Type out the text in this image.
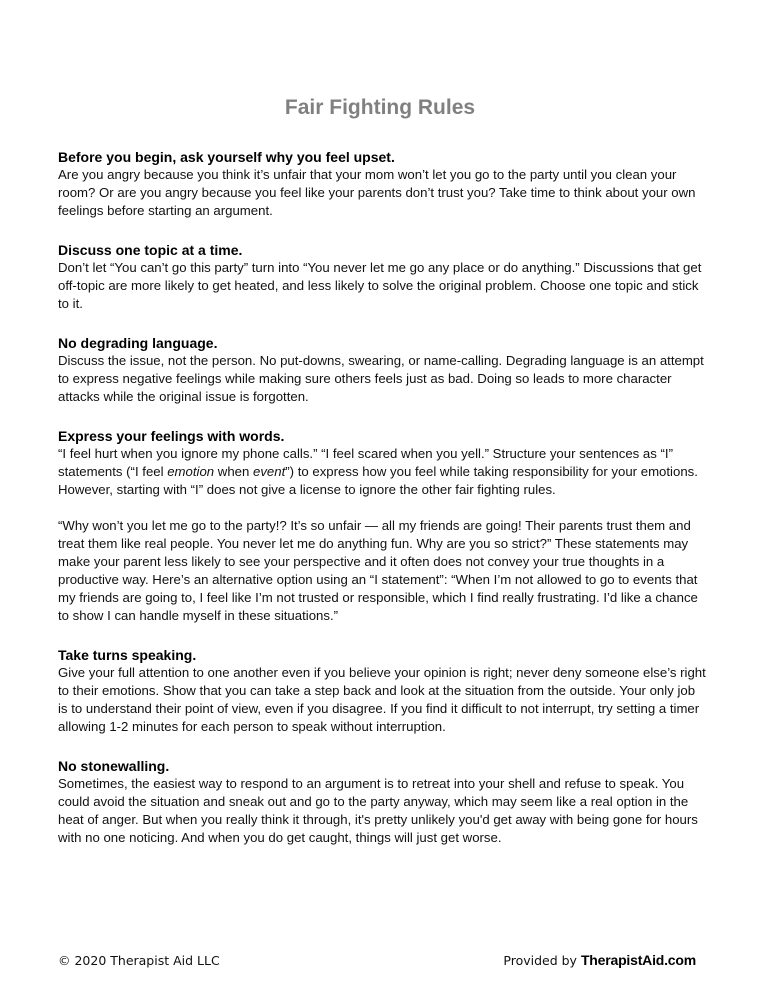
Fair Fighting Rules
Before you begin, ask yourself why you feel upset.

Are you angry because you think it’s unfair that your mom won’t let you go to the party until you clean your room? Or are you angry because you feel like your parents don’t trust you? Take time to think about your own feelings before starting an argument.

Discuss one topic at a time.

Don’t let “You can’t go this party” turn into “You never let me go any place or do anything.” Discussions that get off-topic are more likely to get heated, and less likely to solve the original problem. Choose one topic and stick to it.

No degrading language.

Discuss the issue, not the person. No put-downs, swearing, or name-calling. Degrading language is an attempt to express negative feelings while making sure others feels just as bad. Doing so leads to more character attacks while the original issue is forgotten.

Express your feelings with words.

“I feel hurt when you ignore my phone calls.” “I feel scared when you yell.” Structure your sentences as “I” statements (“I feel emotion when event”) to express how you feel while taking responsibility for your emotions. However, starting with “I” does not give a license to ignore the other fair fighting rules.

“Why won’t you let me go to the party!? It’s so unfair — all my friends are going! Their parents trust them and treat them like real people. You never let me do anything fun. Why are you so strict?” These statements may make your parent less likely to see your perspective and it often does not convey your true thoughts in a productive way. Here’s an alternative option using an “I statement”: “When I’m not allowed to go to events that my friends are going to, I feel like I’m not trusted or responsible, which I find really frustrating. I’d like a chance to show I can handle myself in these situations.”

Take turns speaking.

Give your full attention to one another even if you believe your opinion is right; never deny someone else’s right to their emotions. Show that you can take a step back and look at the situation from the outside. Your only job is to understand their point of view, even if you disagree. If you find it difficult to not interrupt, try setting a timer allowing 1-2 minutes for each person to speak without interruption.

No stonewalling.

Sometimes, the easiest way to respond to an argument is to retreat into your shell and refuse to speak. You could avoid the situation and sneak out and go to the party anyway, which may seem like a real option in the heat of anger. But when you really think it through, it's pretty unlikely you'd get away with being gone for hours with no one noticing. And when you do get caught, things will just get worse.

© 2020 Therapist Aid LLC	Provided by TherapistAid.com
